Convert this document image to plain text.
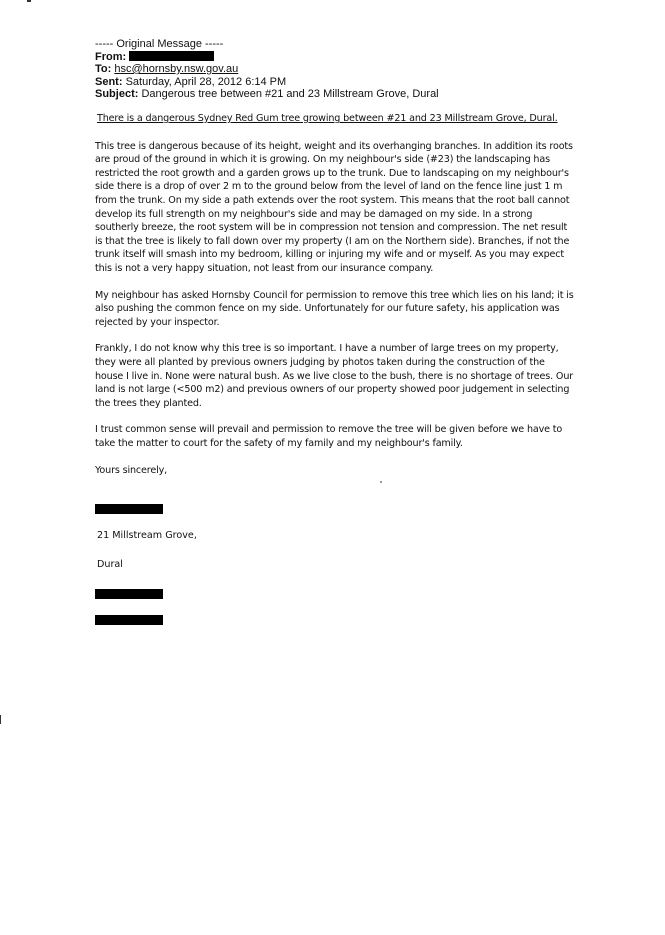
----- Original Message -----
From:
To: hsc@hornsby.nsw.gov.au
Sent: Saturday, April 28, 2012 6:14 PM
Subject: Dangerous tree between #21 and 23 Millstream Grove, Dural
There is a dangerous Sydney Red Gum tree growing between #21 and 23 Millstream Grove, Dural.

This tree is dangerous because of its height, weight and its overhanging branches. In addition its roots are proud of the ground in which it is growing. On my neighbour's side (#23) the landscaping has restricted the root growth and a garden grows up to the trunk. Due to landscaping on my neighbour's side there is a drop of over 2 m to the ground below from the level of land on the fence line just 1 m from the trunk. On my side a path extends over the root system. This means that the root ball cannot develop its full strength on my neighbour's side and may be damaged on my side. In a strong southerly breeze, the root system will be in compression not tension and compression. The net result is that the tree is likely to fall down over my property (I am on the Northern side). Branches, if not the trunk itself will smash into my bedroom, killing or injuring my wife and or myself. As you may expect this is not a very happy situation, not least from our insurance company.

My neighbour has asked Hornsby Council for permission to remove this tree which lies on his land; it is also pushing the common fence on my side. Unfortunately for our future safety, his application was rejected by your inspector.

Frankly, I do not know why this tree is so important. I have a number of large trees on my property, they were all planted by previous owners judging by photos taken during the construction of the house I live in. None were natural bush. As we live close to the bush, there is no shortage of trees. Our land is not large (<500 m2) and previous owners of our property showed poor judgement in selecting the trees they planted.

I trust common sense will prevail and permission to remove the tree will be given before we have to take the matter to court for the safety of my family and my neighbour's family.

Yours sincerely,
21 Millstream Grove,
Dural
